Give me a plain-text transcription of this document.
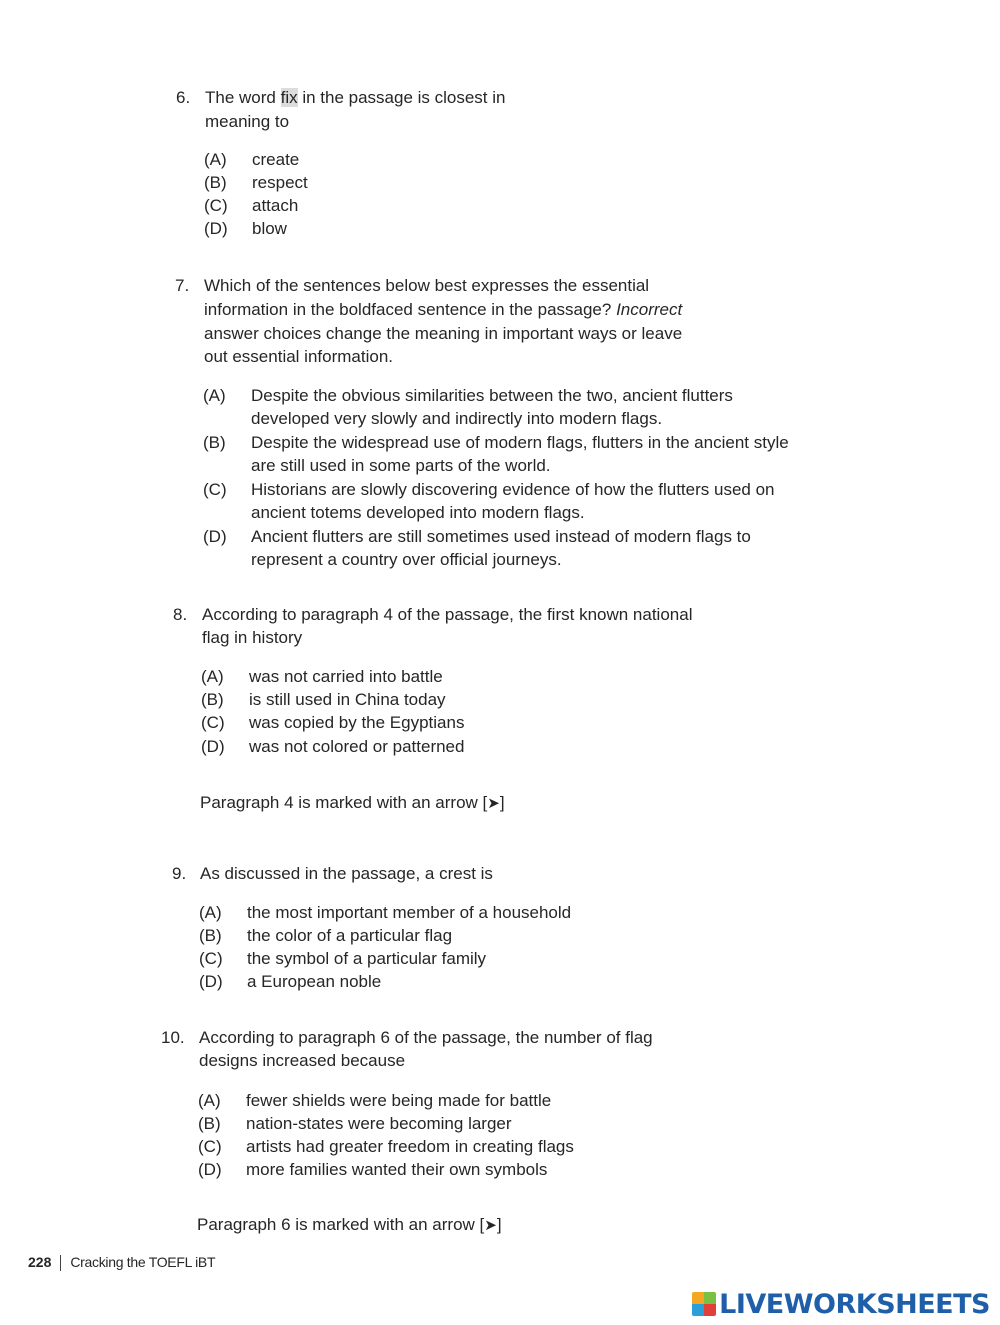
6. The word fix in the passage is closest in
meaning to
(A) create
(B) respect
(C) attach
(D) blow
7. Which of the sentences below best expresses the essential
information in the boldfaced sentence in the passage? Incorrect
answer choices change the meaning in important ways or leave
out essential information.
(A) Despite the obvious similarities between the two, ancient flutters
developed very slowly and indirectly into modern flags.
(B) Despite the widespread use of modern flags, flutters in the ancient style
are still used in some parts of the world.
(C) Historians are slowly discovering evidence of how the flutters used on
ancient totems developed into modern flags.
(D) Ancient flutters are still sometimes used instead of modern flags to
represent a country over official journeys.
8. According to paragraph 4 of the passage, the first known national
flag in history
(A) was not carried into battle
(B) is still used in China today
(C) was copied by the Egyptians
(D) was not colored or patterned
Paragraph 4 is marked with an arrow [➤]
9. As discussed in the passage, a crest is
(A) the most important member of a household
(B) the color of a particular flag
(C) the symbol of a particular family
(D) a European noble
10. According to paragraph 6 of the passage, the number of flag
designs increased because
(A) fewer shields were being made for battle
(B) nation-states were becoming larger
(C) artists had greater freedom in creating flags
(D) more families wanted their own symbols
Paragraph 6 is marked with an arrow [➤]
228 Cracking the TOEFL iBT
LIVEWORKSHEETS
